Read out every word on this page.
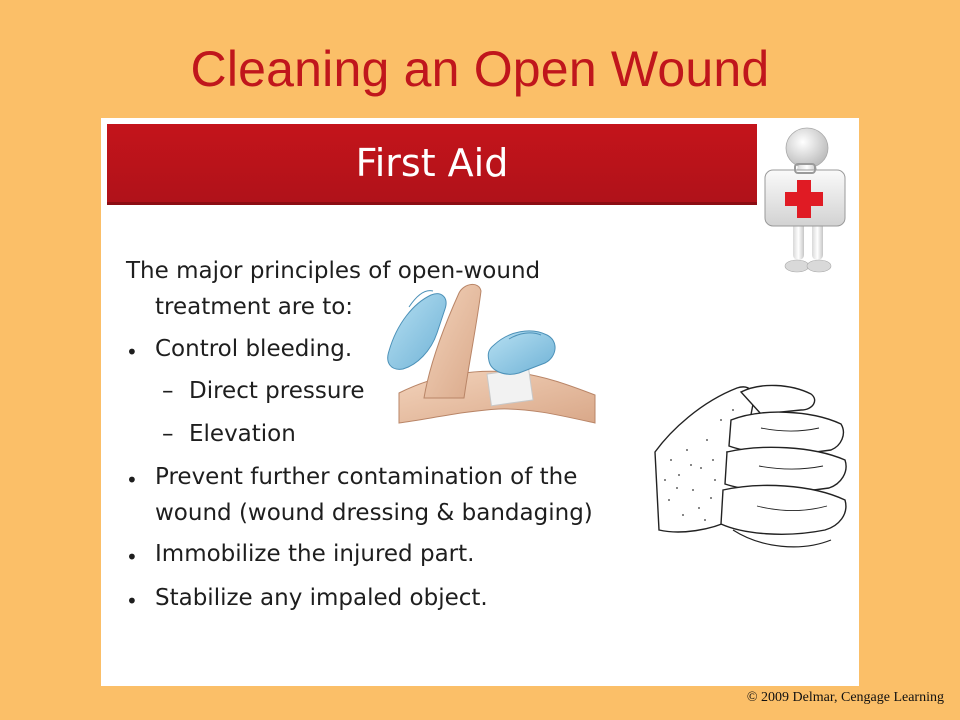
Cleaning an Open Wound
First Aid
The major principles of open-wound
treatment are to:
• Control bleeding.
– Direct pressure
– Elevation
• Prevent further contamination of the
wound (wound dressing & bandaging)
• Immobilize the injured part.
• Stabilize any impaled object.
© 2009 Delmar, Cengage Learning
